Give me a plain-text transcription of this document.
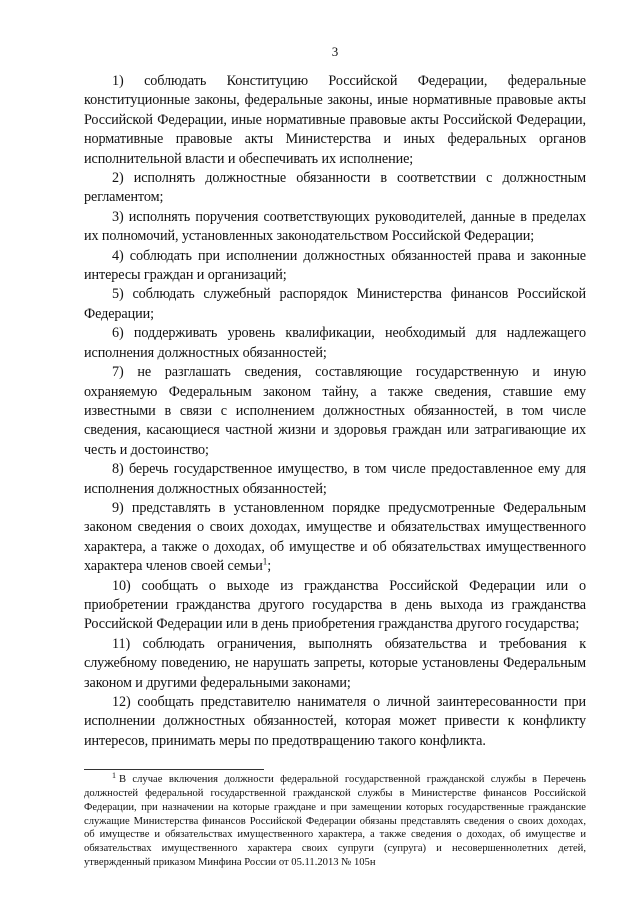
3

1) соблюдать Конституцию Российской Федерации, федеральные конституционные законы, федеральные законы, иные нормативные правовые акты Российской Федерации, иные нормативные правовые акты Российской Федерации, нормативные правовые акты Министерства и иных федеральных органов исполнительной власти и обеспечивать их исполнение;

2) исполнять должностные обязанности в соответствии с должностным регламентом;

3) исполнять поручения соответствующих руководителей, данные в пределах их полномочий, установленных законодательством Российской Федерации;

4) соблюдать при исполнении должностных обязанностей права и законные интересы граждан и организаций;

5) соблюдать служебный распорядок Министерства финансов Российской Федерации;

6) поддерживать уровень квалификации, необходимый для надлежащего исполнения должностных обязанностей;

7) не разглашать сведения, составляющие государственную и иную охраняемую Федеральным законом тайну, а также сведения, ставшие ему известными в связи с исполнением должностных обязанностей, в том числе сведения, касающиеся частной жизни и здоровья граждан или затрагивающие их честь и достоинство;

8) беречь государственное имущество, в том числе предоставленное ему для исполнения должностных обязанностей;

9) представлять в установленном порядке предусмотренные Федеральным законом сведения о своих доходах, имуществе и обязательствах имущественного характера, а также о доходах, об имуществе и об обязательствах имущественного характера членов своей семьи$^1$;

10) сообщать о выходе из гражданства Российской Федерации или о приобретении гражданства другого государства в день выхода из гражданства Российской Федерации или в день приобретения гражданства другого государства;

11) соблюдать ограничения, выполнять обязательства и требования к служебному поведению, не нарушать запреты, которые установлены Федеральным законом и другими федеральными законами;

12) сообщать представителю нанимателя о личной заинтересованности при исполнении должностных обязанностей, которая может привести к конфликту интересов, принимать меры по предотвращению такого конфликта.

$^1$ В случае включения должности федеральной государственной гражданской службы в Перечень должностей федеральной государственной гражданской службы в Министерстве финансов Российской Федерации, при назначении на которые граждане и при замещении которых государственные гражданские служащие Министерства финансов Российской Федерации обязаны представлять сведения о своих доходах, об имуществе и обязательствах имущественного характера, а также сведения о доходах, об имуществе и обязательствах имущественного характера своих супруги (супруга) и несовершеннолетних детей, утвержденный приказом Минфина России от 05.11.2013 № 105н
